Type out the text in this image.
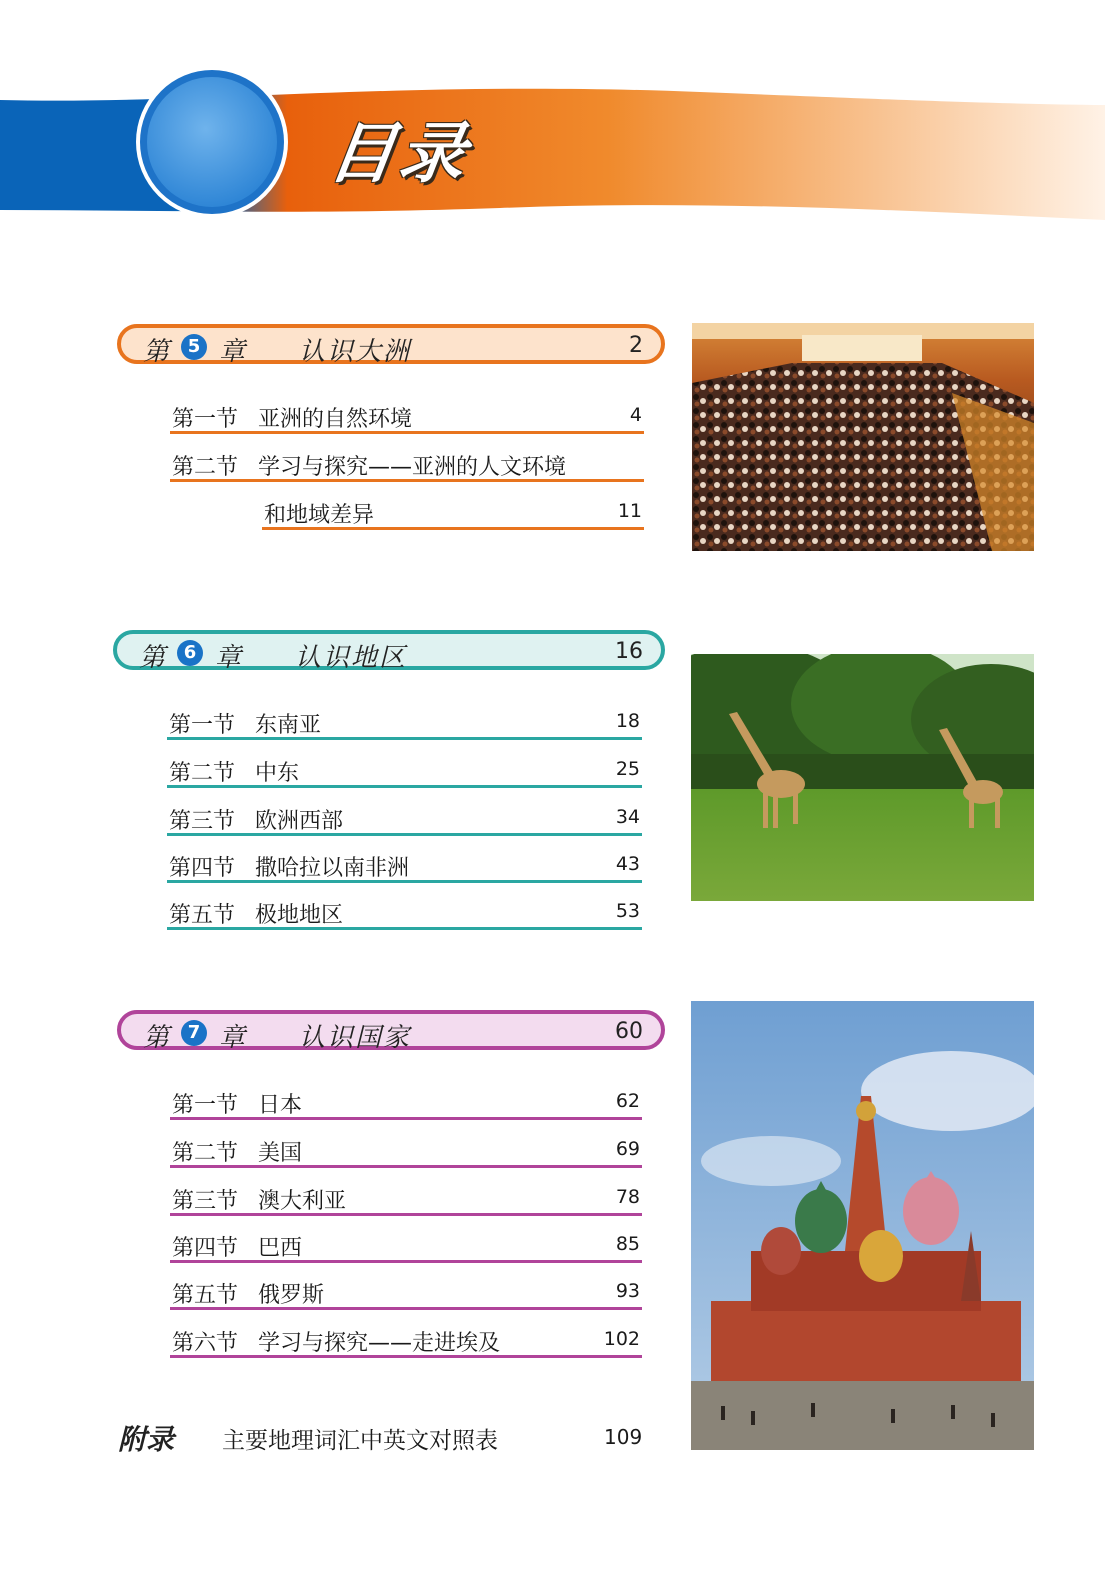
目录
第	5 章 认识大洲	2
第一节 亚洲的自然环境	4
第二节 学习与探究——亚洲的人文环境
和地域差异	11
第	6 章 认识地区	16
第一节 东南亚	18
第二节 中东	25
第三节 欧洲西部	34
第四节 撒哈拉以南非洲	43
第五节 极地地区	53
第	7 章 认识国家	60
第一节 日本	62
第二节 美国	69
第三节 澳大利亚	78
第四节 巴西	85
第五节 俄罗斯	93
第六节 学习与探究——走进埃及	102
附录 主要地理词汇中英文对照表	109
